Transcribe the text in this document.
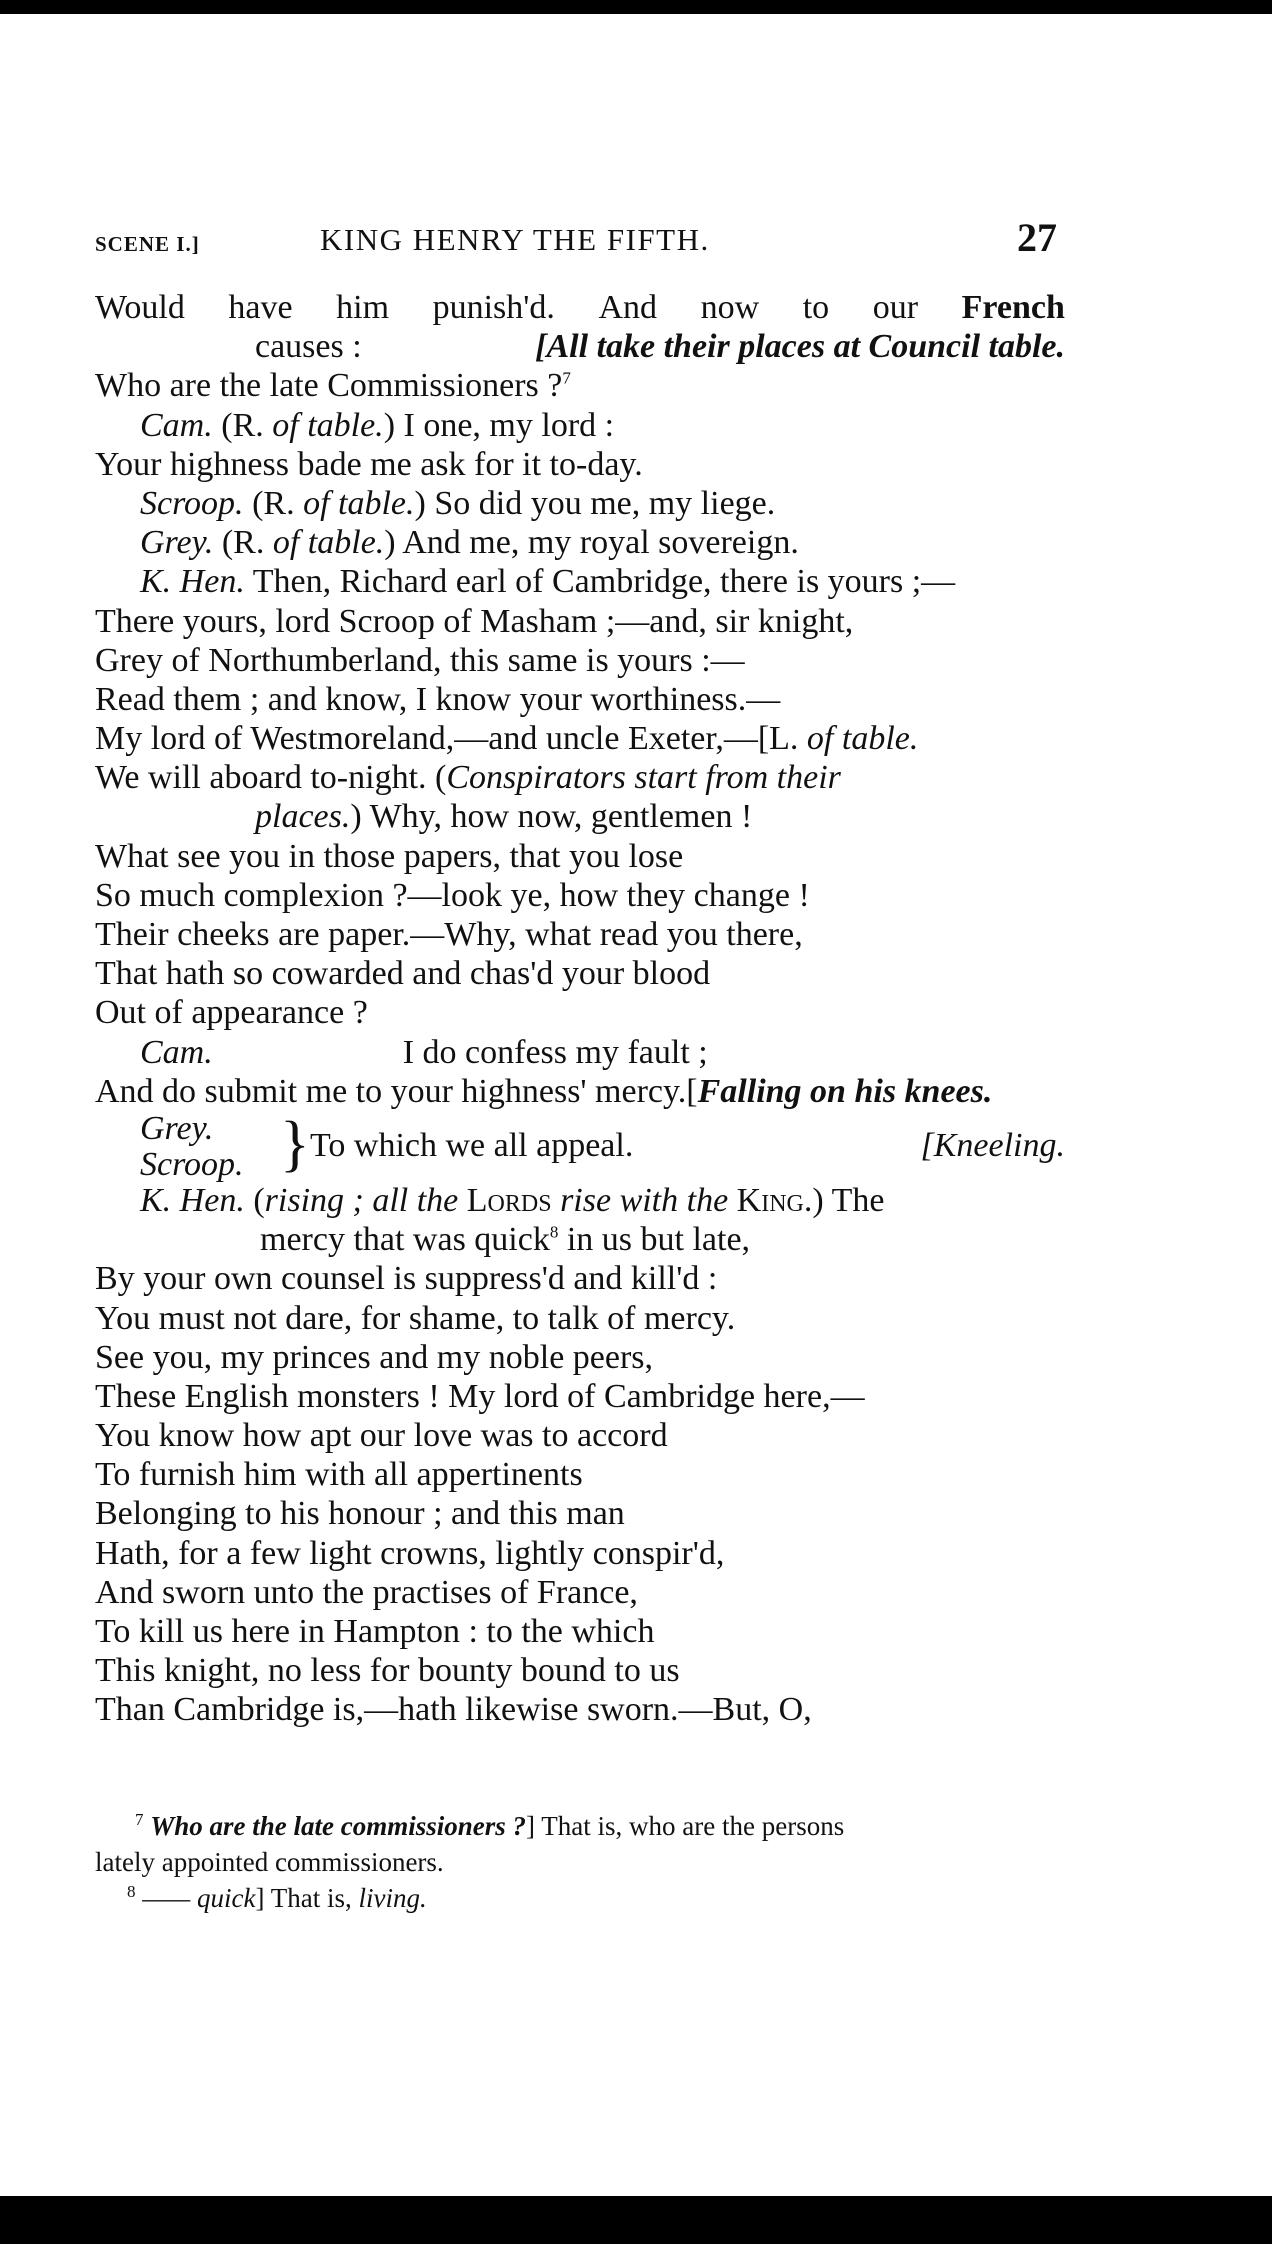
SCENE I.]	KING HENRY THE FIFTH.	27
Would have him punish'd. And now to our French
causes :	[All take their places at Council table.
Who are the late Commissioners ?$^7$
Cam. (R. of table.) I one, my lord :
Your highness bade me ask for it to-day.
Scroop. (R. of table.) So did you me, my liege.
Grey. (R. of table.) And me, my royal sovereign.
K. Hen. Then, Richard earl of Cambridge, there is yours ;—
There yours, lord Scroop of Masham ;—and, sir knight,
Grey of Northumberland, this same is yours :—
Read them ; and know, I know your worthiness.—
My lord of Westmoreland,—and uncle Exeter,—[L. of table.
We will aboard to-night. (Conspirators start from their
places.) Why, how now, gentlemen !
What see you in those papers, that you lose
So much complexion ?—look ye, how they change !
Their cheeks are paper.—Why, what read you there,
That hath so cowarded and chas'd your blood
Out of appearance ?
Cam.	I do confess my fault ;
And do submit me to your highness' mercy.[Falling on his knees.
Grey.
Scroop. } To which we all appeal.	[Kneeling.
K. Hen. (rising ; all the Lords rise with the King.) The
mercy that was quick$^8$ in us but late,
By your own counsel is suppress'd and kill'd :
You must not dare, for shame, to talk of mercy.
See you, my princes and my noble peers,
These English monsters ! My lord of Cambridge here,—
You know how apt our love was to accord
To furnish him with all appertinents
Belonging to his honour ; and this man
Hath, for a few light crowns, lightly conspir'd,
And sworn unto the practises of France,
To kill us here in Hampton : to the which
This knight, no less for bounty bound to us
Than Cambridge is,—hath likewise sworn.—But, O,
$^7$ Who are the late commissioners ?] That is, who are the persons
lately appointed commissioners.
$^8$ —— quick] That is, living.
